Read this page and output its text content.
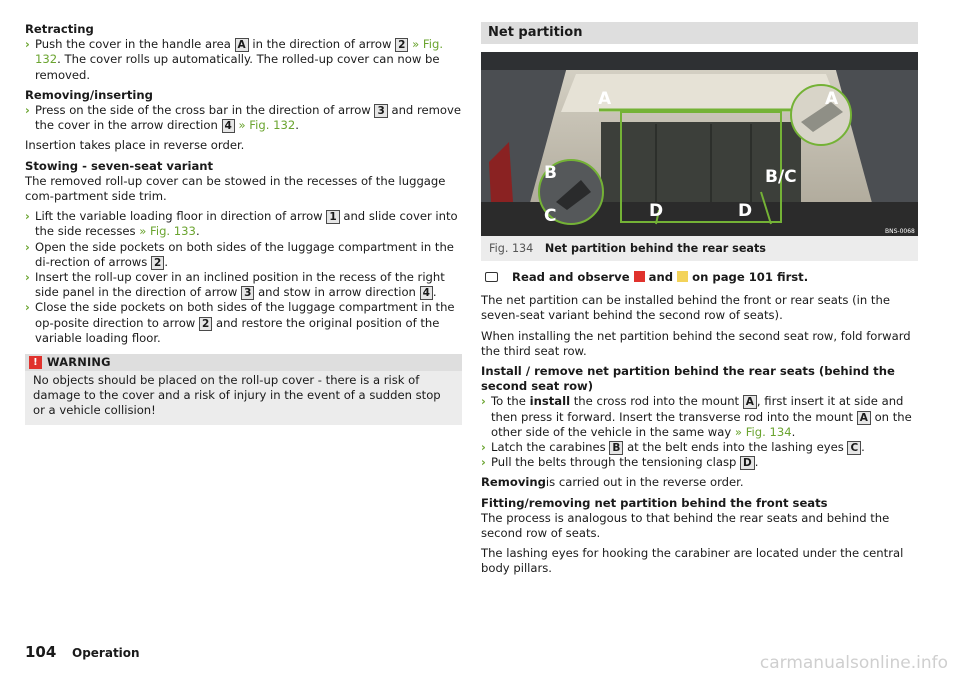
Retracting
› Push the cover in the handle area A in the direction of arrow 2 » Fig. 132. The cover rolls up automatically. The rolled-up cover can now be removed.
Removing/inserting
› Press on the side of the cross bar in the direction of arrow 3 and remove the cover in the arrow direction 4 » Fig. 132.
Insertion takes place in reverse order.
Stowing - seven-seat variant
The removed roll-up cover can be stowed in the recesses of the luggage com-partment side trim.
› Lift the variable loading floor in direction of arrow 1 and slide cover into the side recesses » Fig. 133.
› Open the side pockets on both sides of the luggage compartment in the di-rection of arrows 2 .
› Insert the roll-up cover in an inclined position in the recess of the right side panel in the direction of arrow 3 and stow in arrow direction 4 .
› Close the side pockets on both sides of the luggage compartment in the op-posite direction to arrow 2 and restore the original position of the variable loading floor.
! WARNING
No objects should be placed on the roll-up cover - there is a risk of damage to the cover and a risk of injury in the event of a sudden stop or a vehicle collision!
Net partition
A	A
B	B/C
C	D	D
BNS-0068
Fig. 134 Net partition behind the rear seats
Read and observe and on page 101 first.
The net partition can be installed behind the front or rear seats (in the seven-seat variant behind the second row of seats).
When installing the net partition behind the second seat row, fold forward the third seat row.
Install / remove net partition behind the rear seats (behind the second seat row)
› To the install the cross rod into the mount A , first insert it at side and then press it forward. Insert the transverse rod into the mount A on the other side of the vehicle in the same way » Fig. 134.
› Latch the carabines B at the belt ends into the lashing eyes C .
› Pull the belts through the tensioning clasp D .
Removingis carried out in the reverse order.
Fitting/removing net partition behind the front seats
The process is analogous to that behind the rear seats and behind the second row of seats.
The lashing eyes for hooking the carabiner are located under the central body pillars.
104 Operation	carmanualsonline.info
